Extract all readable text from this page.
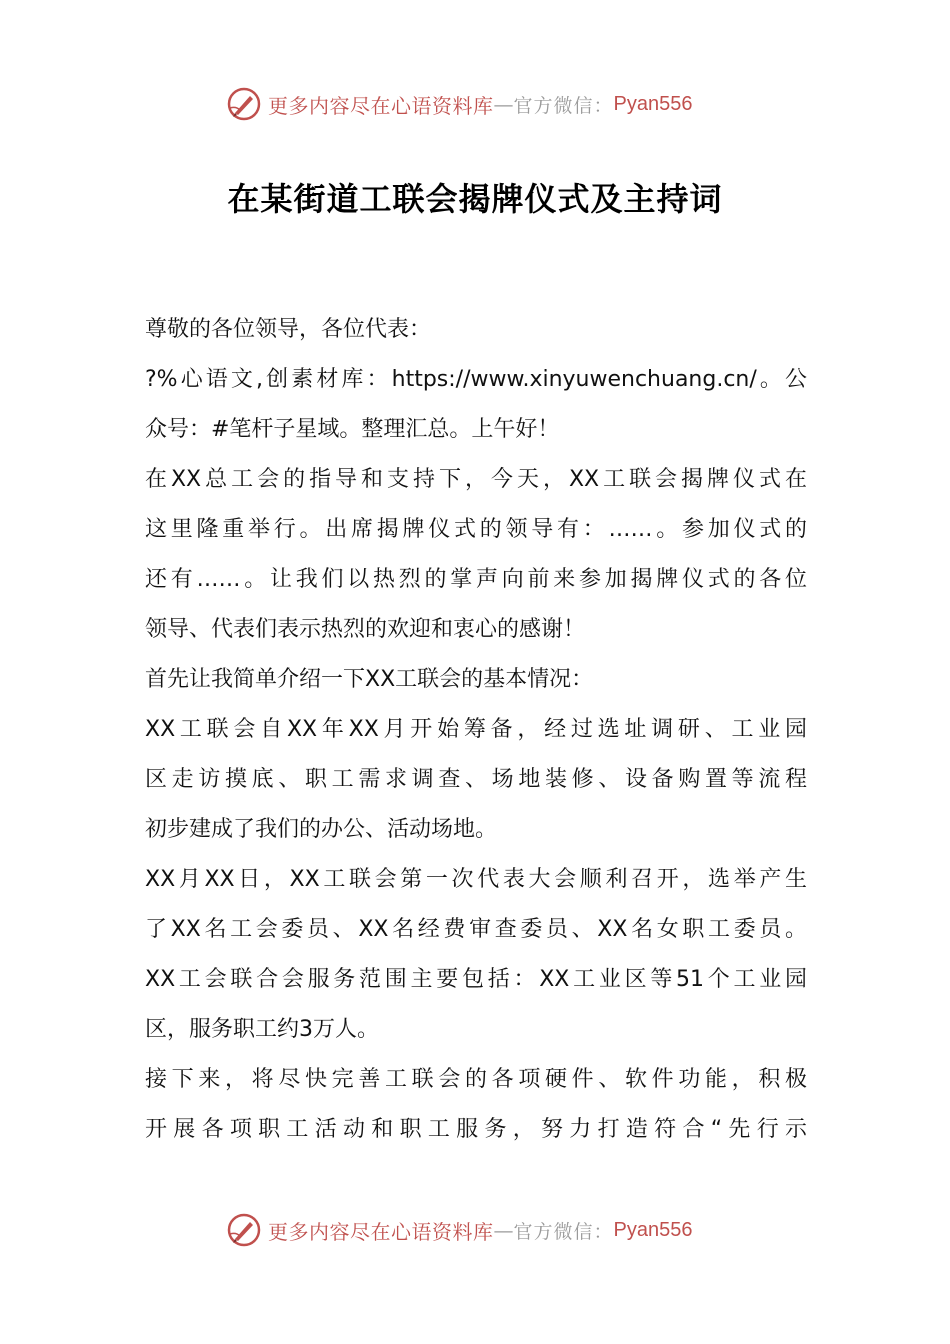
更多内容尽在心语资料库 — 官方微信： Pyan556
在某街道工联会揭牌仪式及主持词
尊敬的各位领导，各位代表：
?%心语文,创素材库：https://www.xinyuwenchuang.cn/。公
众号：#笔杆子星域。整理汇总。上午好！
在XX总工会的指导和支持下，今天，XX工联会揭牌仪式在
这里隆重举行。出席揭牌仪式的领导有：……。参加仪式的
还有……。让我们以热烈的掌声向前来参加揭牌仪式的各位
领导、代表们表示热烈的欢迎和衷心的感谢！
首先让我简单介绍一下XX工联会的基本情况：
XX工联会自XX年XX月开始筹备，经过选址调研、工业园
区走访摸底、职工需求调查、场地装修、设备购置等流程
初步建成了我们的办公、活动场地。
XX月XX日，XX工联会第一次代表大会顺利召开，选举产生
了XX名工会委员、XX名经费审查委员、XX名女职工委员。
XX工会联合会服务范围主要包括：XX工业区等51个工业园
区，服务职工约3万人。
接下来，将尽快完善工联会的各项硬件、软件功能，积极
开展各项职工活动和职工服务，努力打造符合“先行示
更多内容尽在心语资料库 — 官方微信： Pyan556
